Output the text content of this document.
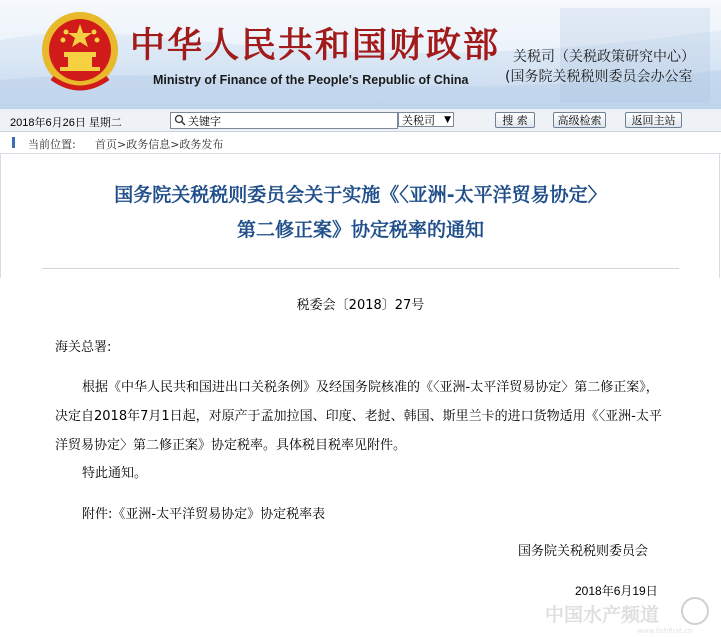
中华人民共和国财政部
Ministry of Finance of the People's Republic of China
关税司（关税政策研究中心）
(国务院关税税则委员会办公室
2018年6月26日 星期二
关键字	关税司 ▼	搜 索	高级检索	返回主站
当前位置: 首页>政务信息>政务发布
国务院关税税则委员会关于实施《〈亚洲-太平洋贸易协定〉
第二修正案》协定税率的通知
税委会〔2018〕27号
海关总署:
根据《中华人民共和国进出口关税条例》及经国务院核准的《〈亚洲-太平洋贸易协定〉第二修正案》，决定自2018年7月1日起，对原产于孟加拉国、印度、老挝、韩国、斯里兰卡的进口货物适用《〈亚洲-太平洋贸易协定〉第二修正案》协定税率。具体税目税率见附件。
特此通知。
附件:《亚洲-太平洋贸易协定》协定税率表
国务院关税税则委员会
2018年6月19日
中国水产频道
www.fishfirst.cn
